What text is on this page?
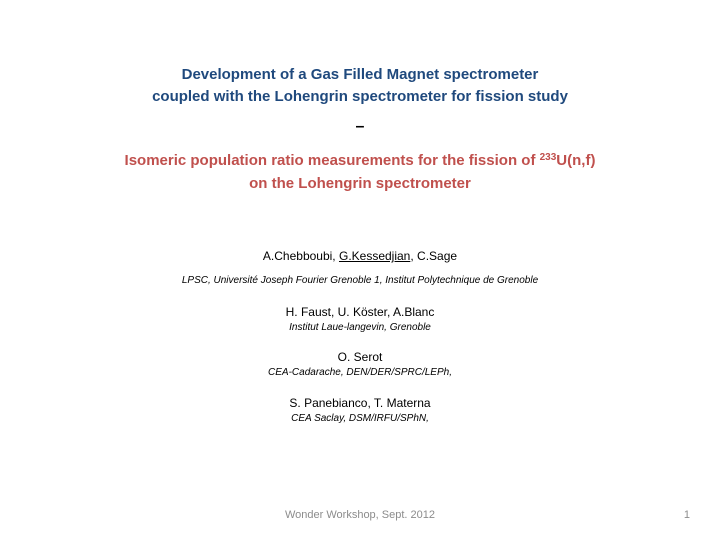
Development of a Gas Filled Magnet spectrometer
coupled with the Lohengrin spectrometer for fission study
–
Isomeric population ratio measurements for the fission of $^{233}$U(n,f)
on the Lohengrin spectrometer
A.Chebboubi, G.Kessedjian, C.Sage
LPSC, Université Joseph Fourier Grenoble 1, Institut Polytechnique de Grenoble
H. Faust, U. Köster, A.Blanc
Institut Laue-langevin, Grenoble
O. Serot
CEA-Cadarache, DEN/DER/SPRC/LEPh,
S. Panebianco, T. Materna
CEA Saclay, DSM/IRFU/SPhN,
Wonder Workshop, Sept. 2012	1
